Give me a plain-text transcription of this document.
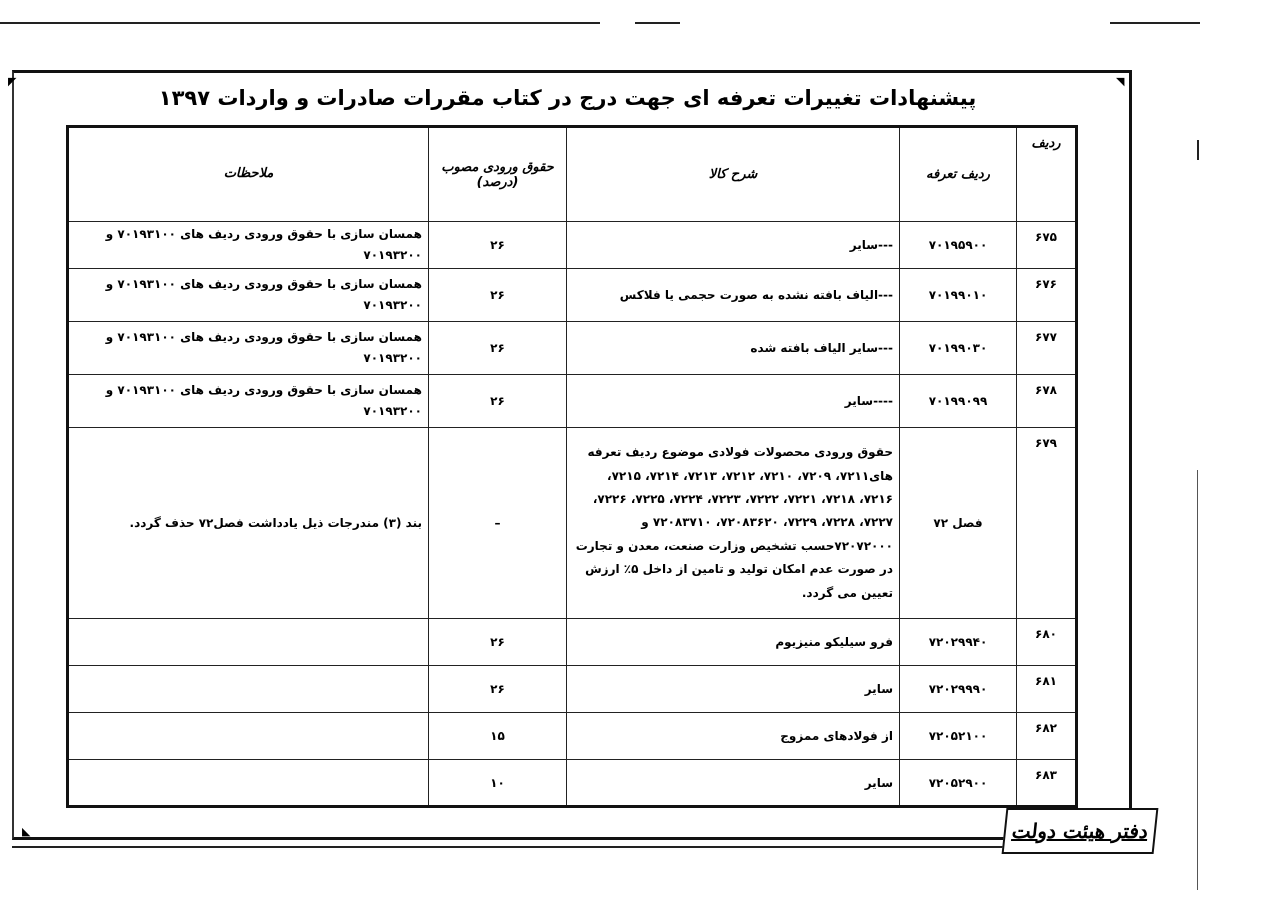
◤	◥
◣
پیشنهادات تغییرات تعرفه ای جهت درج در کتاب مقررات صادرات و واردات ۱۳۹۷
ردیف	ردیف تعرفه	شرح کالا	حقوق ورودی مصوب (درصد)	ملاحظات
۶۷۵	۷۰۱۹۵۹۰۰	---سایر	۲۶	همسان سازی با حقوق ورودی ردیف های ۷۰۱۹۳۱۰۰ و ۷۰۱۹۳۲۰۰
۶۷۶	۷۰۱۹۹۰۱۰	---الیاف بافته نشده به صورت حجمی یا فلاکس	۲۶	همسان سازی با حقوق ورودی ردیف های ۷۰۱۹۳۱۰۰ و ۷۰۱۹۳۲۰۰
۶۷۷	۷۰۱۹۹۰۳۰	---سایر الیاف بافته شده	۲۶	همسان سازی با حقوق ورودی ردیف های ۷۰۱۹۳۱۰۰ و ۷۰۱۹۳۲۰۰
۶۷۸	۷۰۱۹۹۰۹۹	----سایر	۲۶	همسان سازی با حقوق ورودی ردیف های ۷۰۱۹۳۱۰۰ و ۷۰۱۹۳۲۰۰
۶۷۹	فصل ۷۲	حقوق ورودی محصولات فولادی موضوع ردیف تعرفه های۷۲۱۱، ۷۲۰۹، ۷۲۱۰، ۷۲۱۲، ۷۲۱۳، ۷۲۱۴، ۷۲۱۵، ۷۲۱۶، ۷۲۱۸، ۷۲۲۱، ۷۲۲۲، ۷۲۲۳، ۷۲۲۴، ۷۲۲۵، ۷۲۲۶، ۷۲۲۷، ۷۲۲۸، ۷۲۲۹، ۷۲۰۸۳۶۲۰، ۷۲۰۸۳۷۱۰ و ۷۲۰۷۲۰۰۰حسب تشخیص وزارت صنعت، معدن و تجارت در صورت عدم امکان تولید و تامین از داخل ۵٪ ارزش تعیین می گردد.	–	بند (۳) مندرجات ذیل یادداشت فصل۷۲ حذف گردد.
۶۸۰	۷۲۰۲۹۹۴۰	فرو سیلیکو منیزیوم	۲۶	
۶۸۱	۷۲۰۲۹۹۹۰	سایر	۲۶	
۶۸۲	۷۲۰۵۲۱۰۰	از فولادهای ممزوج	۱۵	
۶۸۳	۷۲۰۵۲۹۰۰	سایر	۱۰	
دفتر هیئت دولت
